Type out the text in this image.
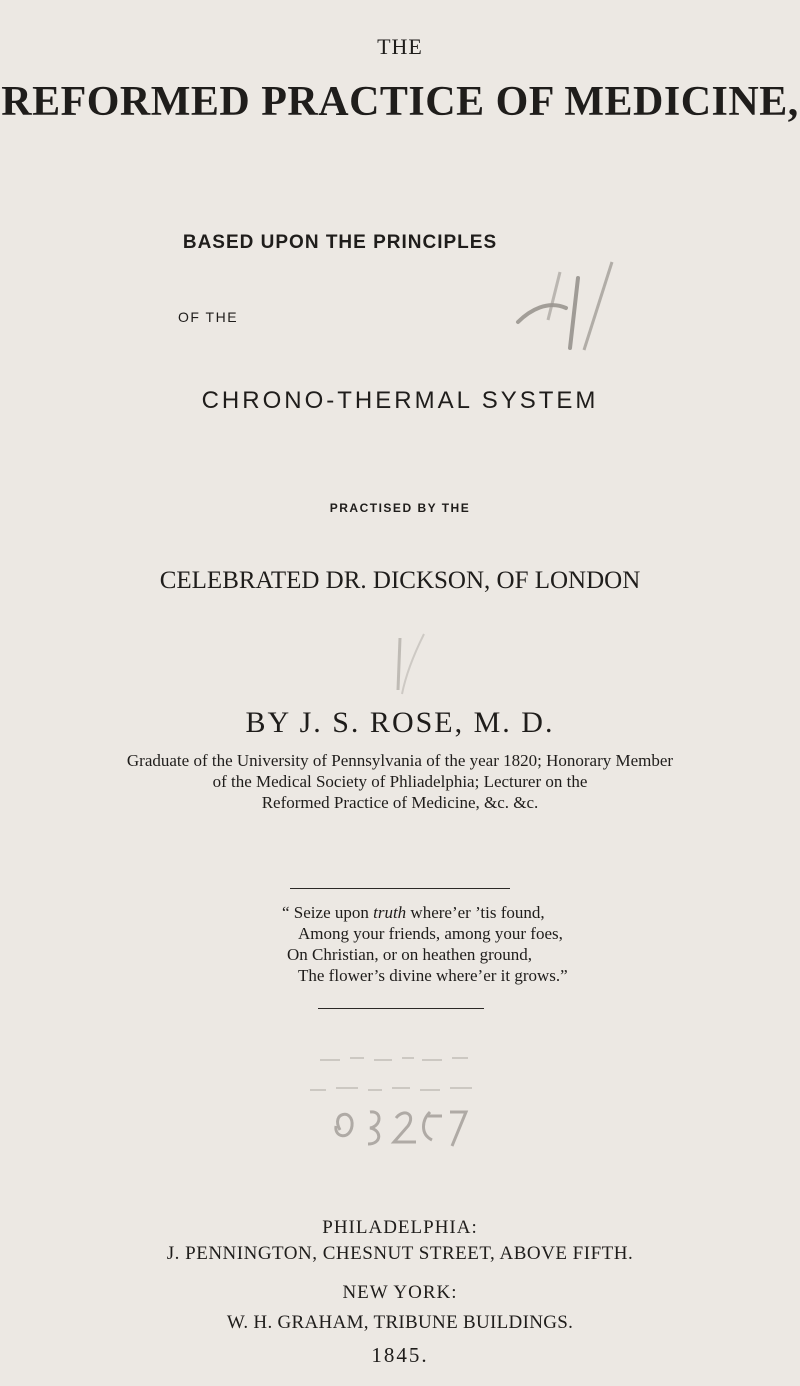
THE
REFORMED PRACTICE OF MEDICINE,
BASED UPON THE PRINCIPLES
OF THE
CHRONO-THERMAL SYSTEM
PRACTISED BY THE
CELEBRATED DR. DICKSON, OF LONDON
BY J. S. ROSE, M. D.
Graduate of the University of Pennsylvania of the year 1820; Honorary Member
of the Medical Society of Phliadelphia; Lecturer on the
Reformed Practice of Medicine, &c. &c.
“ Seize upon truth where’er ’tis found,
Among your friends, among your foes,
On Christian, or on heathen ground,
The flower’s divine where’er it grows.”
PHILADELPHIA:
J. PENNINGTON, CHESNUT STREET, ABOVE FIFTH.
NEW YORK:
W. H. GRAHAM, TRIBUNE BUILDINGS.
1845.
